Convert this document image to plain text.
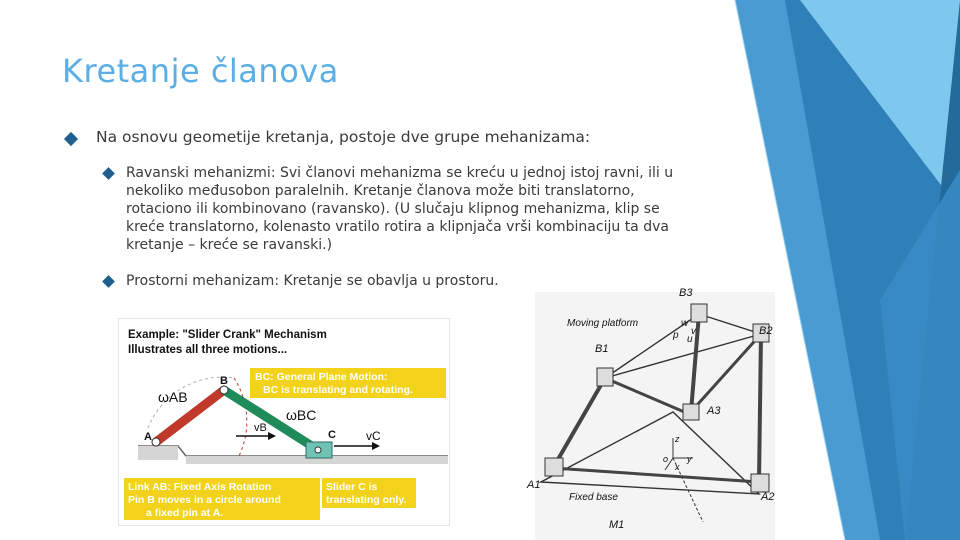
Kretanje članova
Na osnovu geometije kretanja, postoje dve grupe mehanizama:
Ravanski mehanizmi: Svi članovi mehanizma se kreću u jednoj istoj ravni, ili u nekoliko međusobon paralelnih. Kretanje članova može biti translatorno, rotaciono ili kombinovano (ravansko). (U slučaju klipnog mehanizma, klip se kreće translatorno, kolenasto vratilo rotira a klipnjača vrši kombinaciju ta dva kretanje – kreće se ravanski.)
Prostorni mehanizam: Kretanje se obavlja u prostoru.
Example: "Slider Crank" Mechanism
Illustrates all three motions...
BC: General Plane Motion:
BC is translating and rotating.
ωAB
ωBC
A
B
C
vB
vC
Link AB: Fixed Axis Rotation
Pin B moves in a circle around
a fixed pin at A.
Slider C is
translating only.
B3
Moving platform
B2
B1
w
v
u
p
A3
A1
Fixed base	A2
M1
z
y
x
o
